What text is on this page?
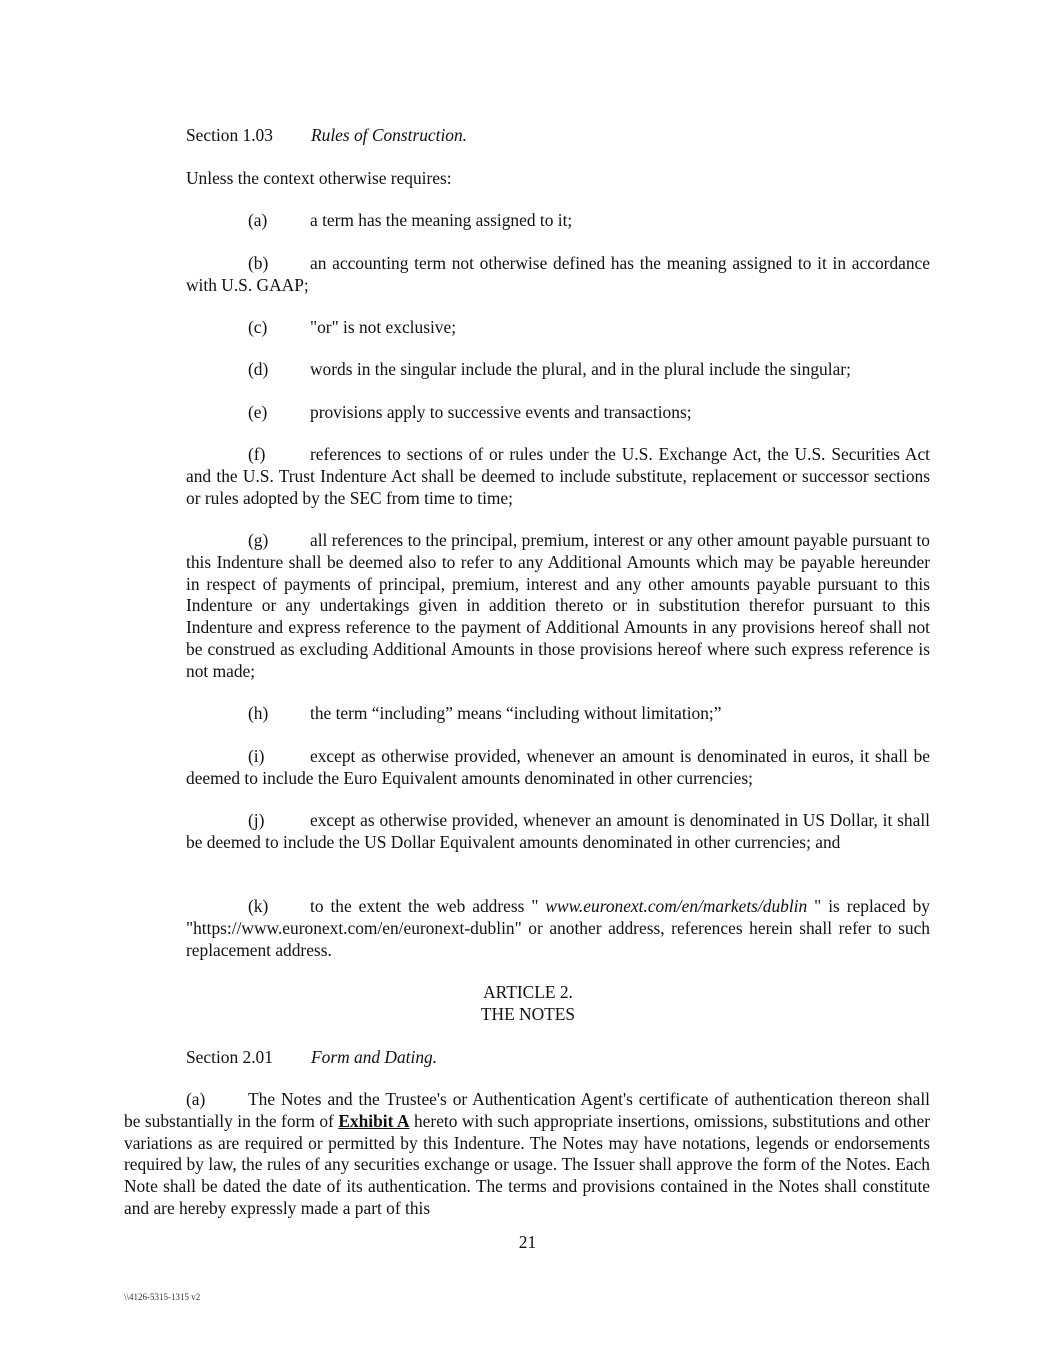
Section 1.03 Rules of Construction.
Unless the context otherwise requires:
(a) a term has the meaning assigned to it;
(b) an accounting term not otherwise defined has the meaning assigned to it in accordance with U.S. GAAP;
(c) "or" is not exclusive;
(d) words in the singular include the plural, and in the plural include the singular;
(e) provisions apply to successive events and transactions;
(f)	references to sections of or rules under the U.S. Exchange Act, the U.S. Securities Act and the U.S. Trust Indenture Act shall be deemed to include substitute, replacement or successor sections or rules adopted by the SEC from time to time;
(g) all references to the principal, premium, interest or any other amount payable pursuant to this Indenture shall be deemed also to refer to any Additional Amounts which may be payable hereunder in respect of payments of principal, premium, interest and any other amounts payable pursuant to this Indenture or any undertakings given in addition thereto or in substitution therefor pursuant to this Indenture and express reference to the payment of Additional Amounts in any provisions hereof shall not be construed as excluding Additional Amounts in those provisions hereof where such express reference is not made;
(h) the term “including” means “including without limitation;”
(i)	except as otherwise provided, whenever an amount is denominated in euros, it shall be deemed to include the Euro Equivalent amounts denominated in other currencies;
(j)	except as otherwise provided, whenever an amount is denominated in US Dollar, it shall be deemed to include the US Dollar Equivalent amounts denominated in other currencies; and
(k) to the extent the web address " www.euronext.com/en/markets/dublin " is replaced by "https://www.euronext.com/en/euronext-dublin" or another address, references herein shall refer to such replacement address.
ARTICLE 2.
THE NOTES
Section 2.01 Form and Dating.
(a) The Notes and the Trustee's or Authentication Agent's certificate of authentication thereon shall be substantially in the form of Exhibit A hereto with such appropriate insertions, omissions, substitutions and other variations as are required or permitted by this Indenture. The Notes may have notations, legends or endorsements required by law, the rules of any securities exchange or usage. The Issuer shall approve the form of the Notes. Each Note shall be dated the date of its authentication. The terms and provisions contained in the Notes shall constitute and are hereby expressly made a part of this
21
\\4126-5315-1315 v2
